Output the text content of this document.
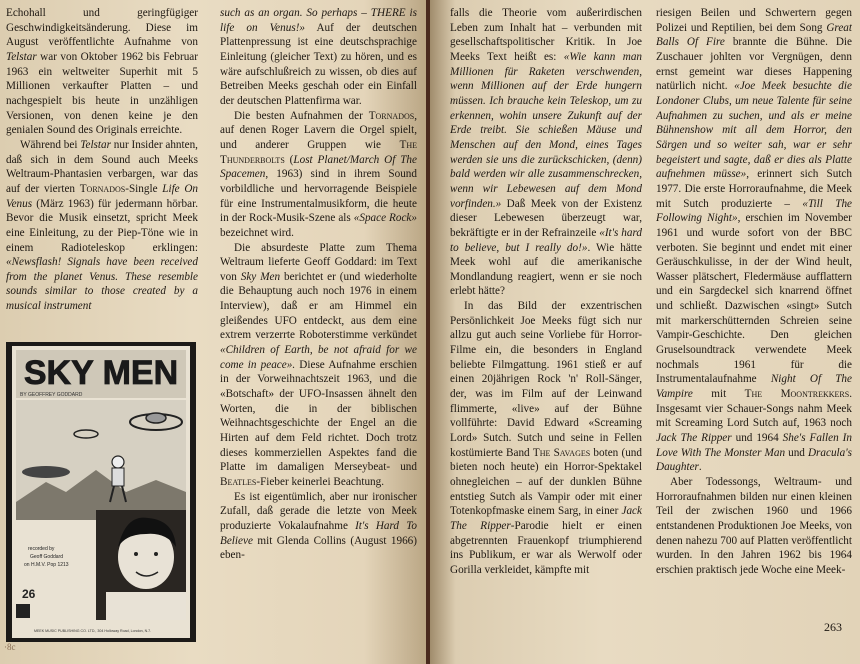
Echohall und geringfügiger Geschwindigkeitsänderung. Diese im August veröffentlichte Aufnahme von Telstar war von Oktober 1962 bis Februar 1963 ein weltweiter Superhit mit 5 Millionen verkaufter Platten – und nachgespielt bis heute in unzähligen Versionen, von denen keine je den genialen Sound des Originals erreichte.

Während bei Telstar nur Insider ahnten, daß sich in dem Sound auch Meeks Weltraum-Phantasien verbargen, war das auf der vierten Tornados-Single Life On Venus (März 1963) für jedermann hörbar. Bevor die Musik einsetzt, spricht Meek eine Einleitung, zu der Piep-Töne wie in einem Radioteleskop erklingen: «Newsflash! Signals have been received from the planet Venus. These resemble sounds similar to those created by a musical instrument

SKY MEN
BY GEOFFREY GODDARD
recorded by
Geoff Goddard
on H.M.V. Pop 1213
26
MEEK MUSIC PUBLISHING CO. LTD., 304 Holloway Road, London, N.7.

such as an organ. So perhaps – THERE is life on Venus!» Auf der deutschen Plattenpressung ist eine deutschsprachige Einleitung (gleicher Text) zu hören, und es wäre aufschlußreich zu wissen, ob dies auf Betreiben Meeks geschah oder ein Einfall der deutschen Plattenfirma war.

Die besten Aufnahmen der Tornados, auf denen Roger Lavern die Orgel spielt, und anderer Gruppen wie The Thunderbolts (Lost Planet/March Of The Spacemen, 1963) sind in ihrem Sound vorbildliche und hervorragende Beispiele für eine Instrumentalmusikform, die heute in der Rock-Musik-Szene als «Space Rock» bezeichnet wird.

Die absurdeste Platte zum Thema Weltraum lieferte Geoff Goddard: im Text von Sky Men berichtet er (und wiederholte die Behauptung auch noch 1976 in einem Interview), daß er am Himmel ein gleißendes UFO entdeckt, aus dem eine extrem verzerrte Roboterstimme verkündet «Children of Earth, be not afraid for we come in peace». Diese Aufnahme erschien in der Vorweihnachtszeit 1963, und die «Botschaft» der UFO-Insassen ähnelt den Worten, die in der biblischen Weihnachtsgeschichte der Engel an die Hirten auf dem Feld richtet. Doch trotz dieses kommerziellen Aspektes fand die Platte im damaligen Merseybeat- und Beatles-Fieber keinerlei Beachtung.

Es ist eigentümlich, aber nur ironischer Zufall, daß gerade die letzte von Meek produzierte Vokalaufnahme It's Hard To Believe mit Glenda Collins (August 1966) eben-

·8c

falls die Theorie vom außerirdischen Leben zum Inhalt hat – verbunden mit gesellschaftspolitischer Kritik. In Joe Meeks Text heißt es: «Wie kann man Millionen für Raketen verschwenden, wenn Millionen auf der Erde hungern müssen. Ich brauche kein Teleskop, um zu erkennen, wohin unsere Zukunft auf der Erde treibt. Sie schießen Mäuse und Menschen auf den Mond, eines Tages werden sie uns die zurückschicken, (denn) bald werden wir alle zusammenschrecken, wenn wir Lebewesen auf dem Mond vorfinden.» Daß Meek von der Existenz dieser Lebewesen überzeugt war, bekräftigte er in der Refrainzeile «It's hard to believe, but I really do!». Wie hätte Meek wohl auf die amerikanische Mondlandung reagiert, wenn er sie noch erlebt hätte?

In das Bild der exzentrischen Persönlichkeit Joe Meeks fügt sich nur allzu gut auch seine Vorliebe für Horror-Filme ein, die besonders in England beliebte Filmgattung. 1961 stieß er auf einen 20jährigen Rock 'n' Roll-Sänger, der, was im Film auf der Leinwand flimmerte, «live» auf der Bühne vollführte: David Edward «Screaming Lord» Sutch. Sutch und seine in Fellen kostümierte Band The Savages boten (und bieten noch heute) ein Horror-Spektakel ohnegleichen – auf der dunklen Bühne entstieg Sutch als Vampir oder mit einer Totenkopfmaske einem Sarg, in einer Jack The Ripper-Parodie hielt er einen abgetrennten Frauenkopf triumphierend ins Publikum, er war als Werwolf oder Gorilla verkleidet, kämpfte mit

riesigen Beilen und Schwertern gegen Polizei und Reptilien, bei dem Song Great Balls Of Fire brannte die Bühne. Die Zuschauer johlten vor Vergnügen, denn ernst gemeint war dieses Happening natürlich nicht. «Joe Meek besuchte die Londoner Clubs, um neue Talente für seine Aufnahmen zu suchen, und als er meine Bühnenshow mit all dem Horror, den Särgen und so weiter sah, war er sehr begeistert und sagte, daß er dies als Platte aufnehmen müsse», erinnert sich Sutch 1977. Die erste Horroraufnahme, die Meek mit Sutch produzierte – «Till The Following Night», erschien im November 1961 und wurde sofort von der BBC verboten. Sie beginnt und endet mit einer Geräuschkulisse, in der der Wind heult, Wasser plätschert, Fledermäuse aufflattern und ein Sargdeckel sich knarrend öffnet und schließt. Dazwischen «singt» Sutch mit markerschütternden Schreien seine Vampir-Geschichte. Den gleichen Gruselsoundtrack verwendete Meek nochmals 1961 für die Instrumentalaufnahme Night Of The Vampire mit The Moontrekkers. Insgesamt vier Schauer-Songs nahm Meek mit Screaming Lord Sutch auf, 1963 noch Jack The Ripper und 1964 She's Fallen In Love With The Monster Man und Dracula's Daughter.

Aber Todessongs, Weltraum- und Horroraufnahmen bilden nur einen kleinen Teil der zwischen 1960 und 1966 entstandenen Produktionen Joe Meeks, von denen nahezu 700 auf Platten veröffentlicht wurden. In den Jahren 1962 bis 1964 erschien praktisch jede Woche eine Meek-

263
